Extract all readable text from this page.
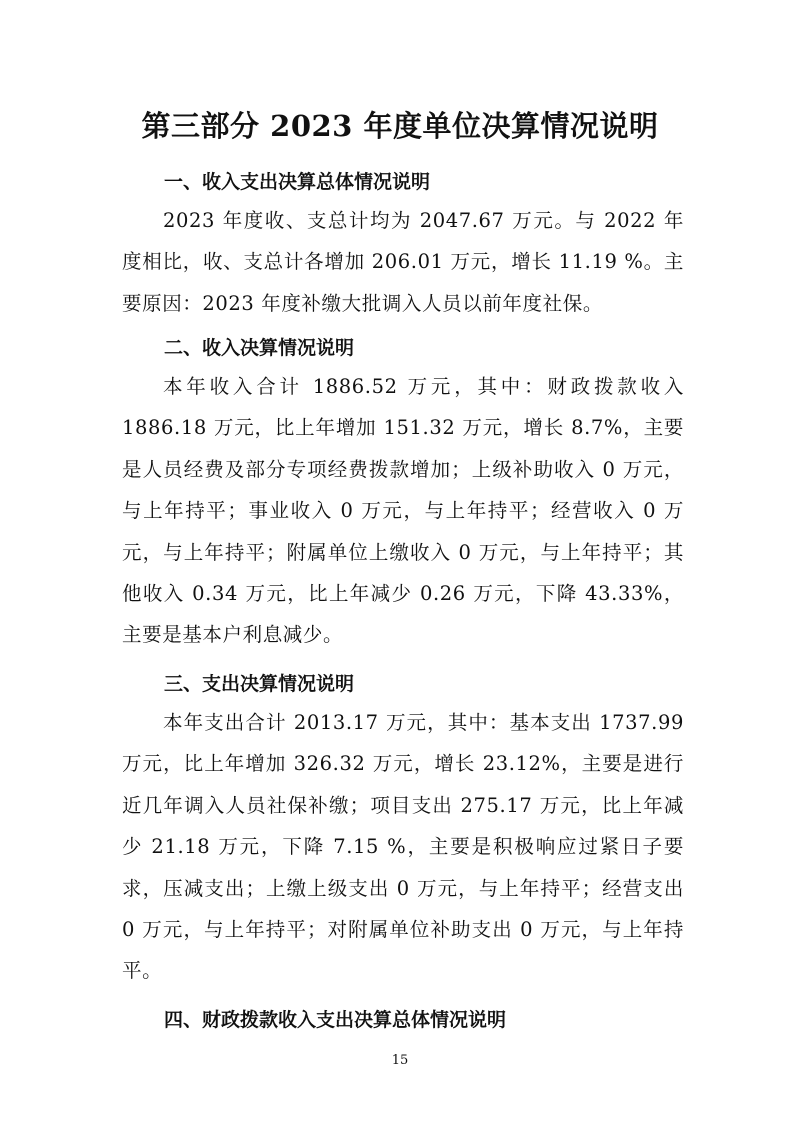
第三部分 2023 年度单位决算情况说明
一、收入支出决算总体情况说明
2023 年度收、支总计均为 2047.67 万元。与 2022 年度相比，收、支总计各增加 206.01 万元，增长 11.19 %。主要原因：2023 年度补缴大批调入人员以前年度社保。
二、收入决算情况说明
本年收入合计 1886.52 万元，其中：财政拨款收入 1886.18 万元，比上年增加 151.32 万元，增长 8.7%，主要是人员经费及部分专项经费拨款增加；上级补助收入 0 万元，与上年持平；事业收入 0 万元，与上年持平；经营收入 0 万元，与上年持平；附属单位上缴收入 0 万元，与上年持平；其他收入 0.34 万元，比上年减少 0.26 万元，下降 43.33%，主要是基本户利息减少。
三、支出决算情况说明
本年支出合计 2013.17 万元，其中：基本支出 1737.99 万元，比上年增加 326.32 万元，增长 23.12%，主要是进行近几年调入人员社保补缴；项目支出 275.17 万元，比上年减少 21.18 万元，下降 7.15 %，主要是积极响应过紧日子要求，压减支出；上缴上级支出 0 万元，与上年持平；经营支出 0 万元，与上年持平；对附属单位补助支出 0 万元，与上年持平。
四、财政拨款收入支出决算总体情况说明
15
